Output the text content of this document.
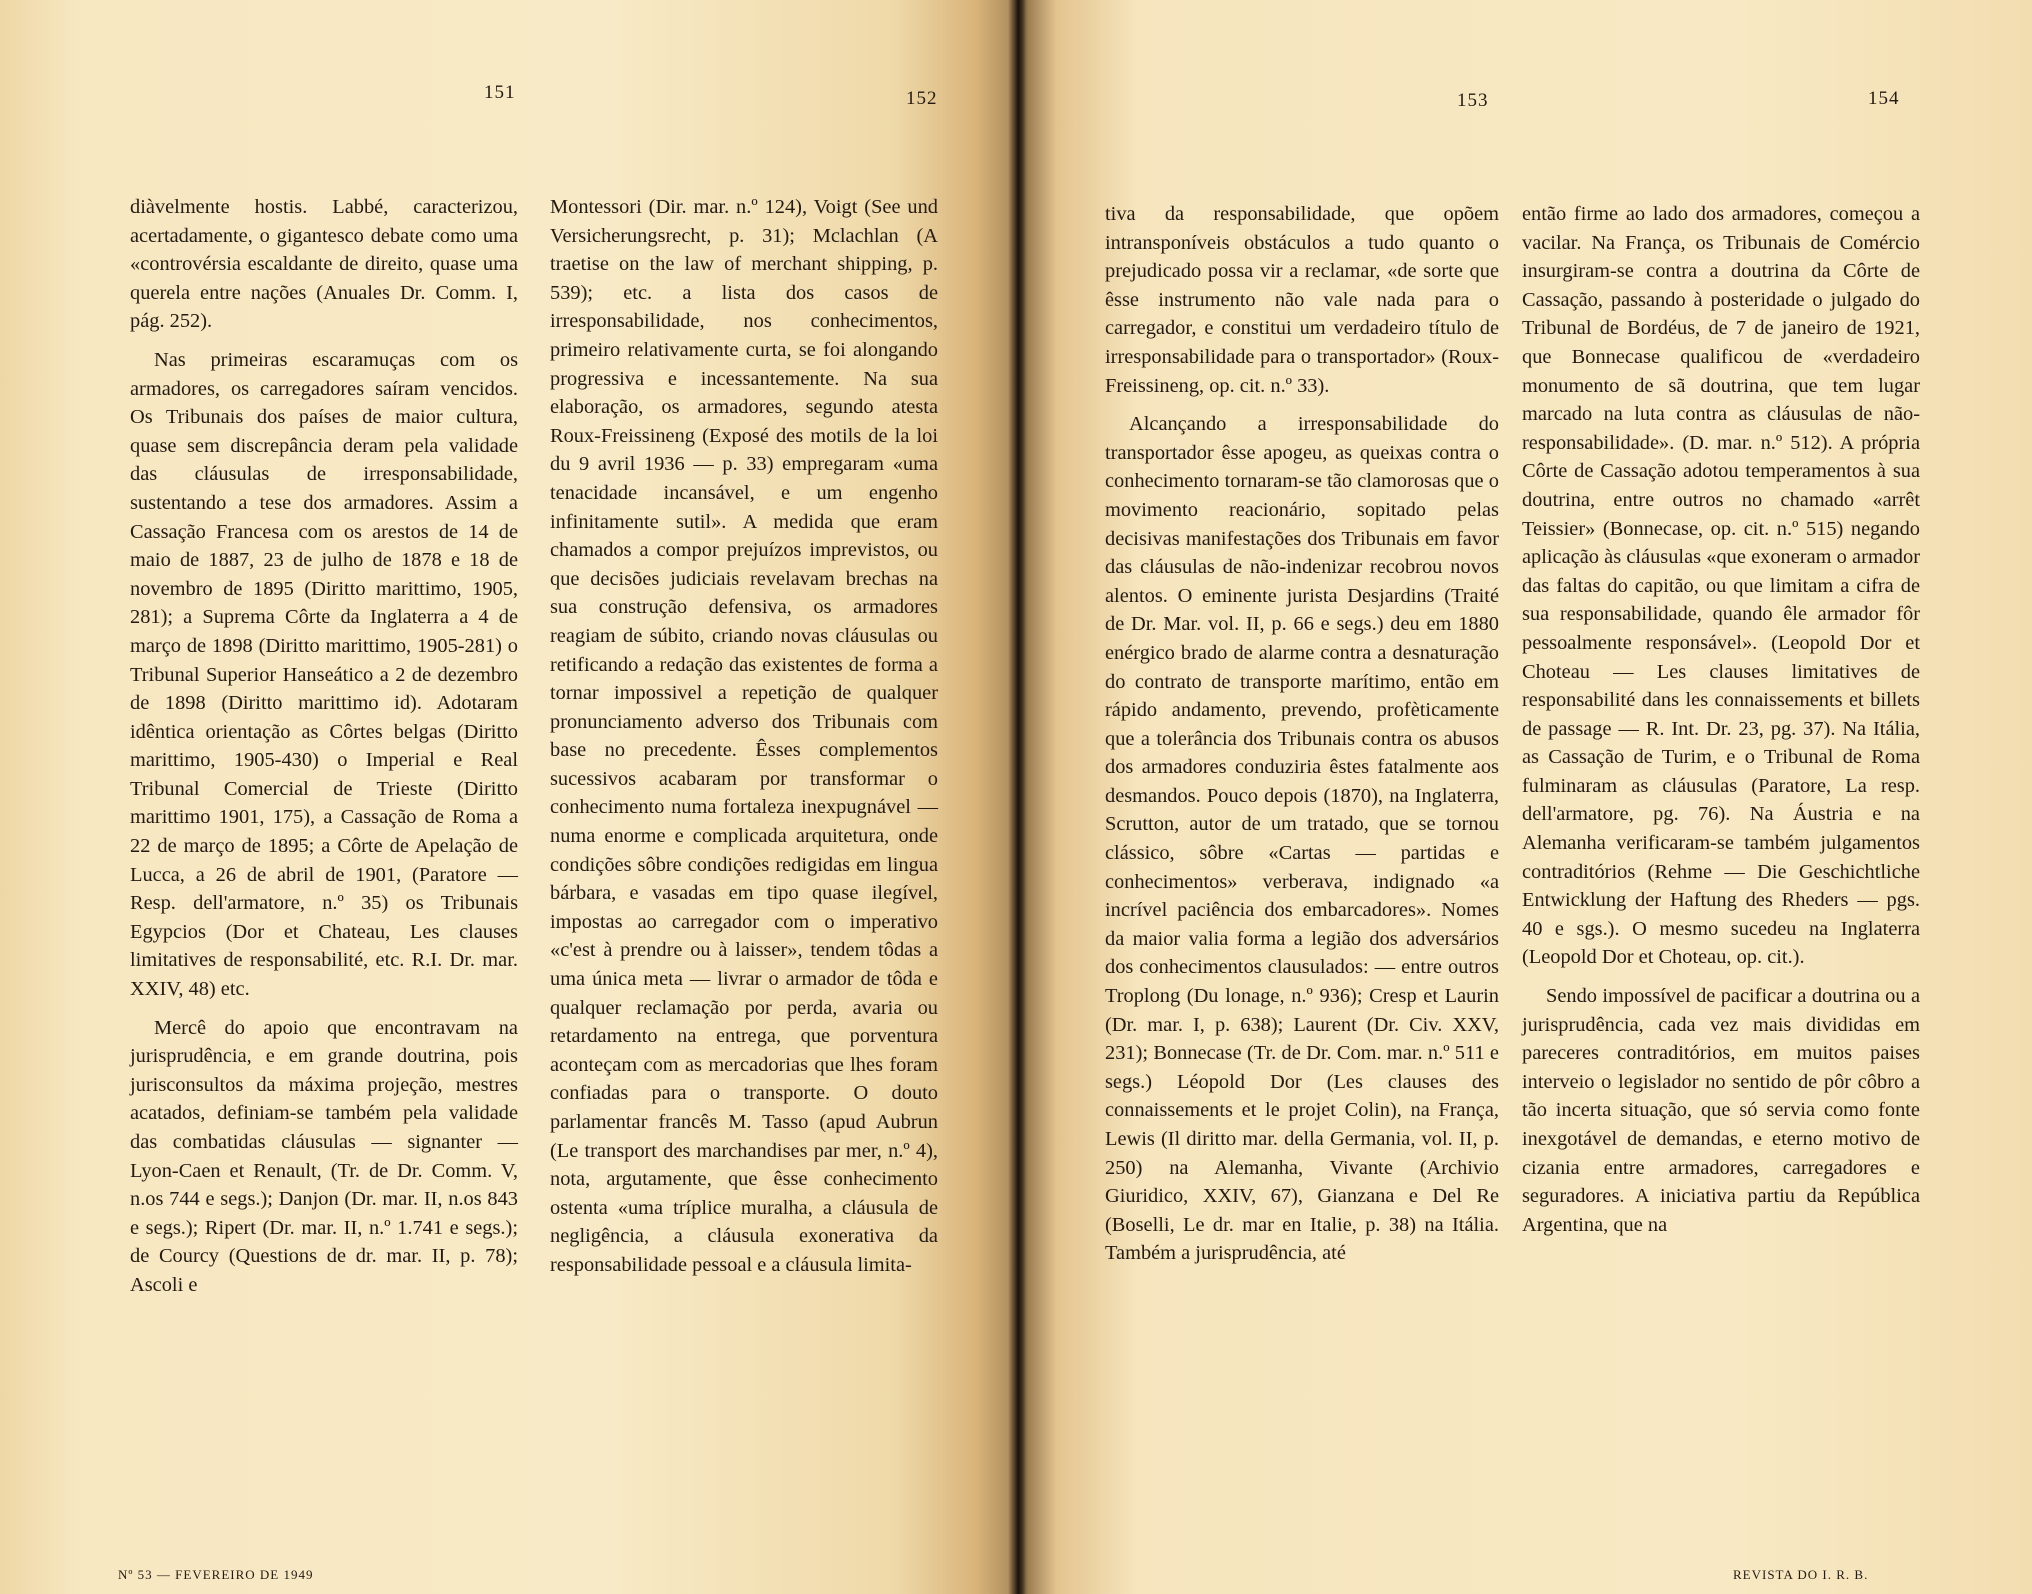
151	152	153	154

diàvelmente hostis. Labbé, caracterizou, acertadamente, o gigantesco debate como uma «controvérsia escaldante de direito, quase uma querela entre nações (Anuales Dr. Comm. I, pág. 252).

Nas primeiras escaramuças com os armadores, os carregadores saíram vencidos. Os Tribunais dos países de maior cultura, quase sem discrepância deram pela validade das cláusulas de irresponsabilidade, sustentando a tese dos armadores. Assim a Cassação Francesa com os arestos de 14 de maio de 1887, 23 de julho de 1878 e 18 de novembro de 1895 (Diritto marittimo, 1905, 281); a Suprema Côrte da Inglaterra a 4 de março de 1898 (Diritto marittimo, 1905-281) o Tribunal Superior Hanseático a 2 de dezembro de 1898 (Diritto marittimo id). Adotaram idêntica orientação as Côrtes belgas (Diritto marittimo, 1905-430) o Imperial e Real Tribunal Comercial de Trieste (Diritto marittimo 1901, 175), a Cassação de Roma a 22 de março de 1895; a Côrte de Apelação de Lucca, a 26 de abril de 1901, (Paratore — Resp. dell'armatore, n.º 35) os Tribunais Egypcios (Dor et Chateau, Les clauses limitatives de responsabilité, etc. R.I. Dr. mar. XXIV, 48) etc.

Mercê do apoio que encontravam na jurisprudência, e em grande doutrina, pois jurisconsultos da máxima projeção, mestres acatados, definiam-se também pela validade das combatidas cláusulas — signanter — Lyon-Caen et Renault, (Tr. de Dr. Comm. V, n.os 744 e segs.); Danjon (Dr. mar. II, n.os 843 e segs.); Ripert (Dr. mar. II, n.º 1.741 e segs.); de Courcy (Questions de dr. mar. II, p. 78); Ascoli e

Montessori (Dir. mar. n.º 124), Voigt (See und Versicherungsrecht, p. 31); Mclachlan (A traetise on the law of merchant shipping, p. 539); etc. a lista dos casos de irresponsabilidade, nos conhecimentos, primeiro relativamente curta, se foi alongando progressiva e incessantemente. Na sua elaboração, os armadores, segundo atesta Roux-Freissineng (Exposé des motils de la loi du 9 avril 1936 — p. 33) empregaram «uma tenacidade incansável, e um engenho infinitamente sutil». A medida que eram chamados a compor prejuízos imprevistos, ou que decisões judiciais revelavam brechas na sua construção defensiva, os armadores reagiam de súbito, criando novas cláusulas ou retificando a redação das existentes de forma a tornar impossivel a repetição de qualquer pronunciamento adverso dos Tribunais com base no precedente. Êsses complementos sucessivos acabaram por transformar o conhecimento numa fortaleza inexpugnável — numa enorme e complicada arquitetura, onde condições sôbre condições redigidas em lingua bárbara, e vasadas em tipo quase ilegível, impostas ao carregador com o imperativo «c'est à prendre ou à laisser», tendem tôdas a uma única meta — livrar o armador de tôda e qualquer reclamação por perda, avaria ou retardamento na entrega, que porventura aconteçam com as mercadorias que lhes foram confiadas para o transporte. O douto parlamentar francês M. Tasso (apud Aubrun (Le transport des marchandises par mer, n.º 4), nota, argutamente, que êsse conhecimento ostenta «uma tríplice muralha, a cláusula de negligência, a cláusula exonerativa da responsabilidade pessoal e a cláusula limita-

tiva da responsabilidade, que opõem intransponíveis obstáculos a tudo quanto o prejudicado possa vir a reclamar, «de sorte que êsse instrumento não vale nada para o carregador, e constitui um verdadeiro título de irresponsabilidade para o transportador» (Roux-Freissineng, op. cit. n.º 33).

Alcançando a irresponsabilidade do transportador êsse apogeu, as queixas contra o conhecimento tornaram-se tão clamorosas que o movimento reacionário, sopitado pelas decisivas manifestações dos Tribunais em favor das cláusulas de não-indenizar recobrou novos alentos. O eminente jurista Desjardins (Traité de Dr. Mar. vol. II, p. 66 e segs.) deu em 1880 enérgico brado de alarme contra a desnaturação do contrato de transporte marítimo, então em rápido andamento, prevendo, profèticamente que a tolerância dos Tribunais contra os abusos dos armadores conduziria êstes fatalmente aos desmandos. Pouco depois (1870), na Inglaterra, Scrutton, autor de um tratado, que se tornou clássico, sôbre «Cartas — partidas e conhecimentos» verberava, indignado «a incrível paciência dos embarcadores». Nomes da maior valia forma a legião dos adversários dos conhecimentos clausulados: — entre outros Troplong (Du lonage, n.º 936); Cresp et Laurin (Dr. mar. I, p. 638); Laurent (Dr. Civ. XXV, 231); Bonnecase (Tr. de Dr. Com. mar. n.º 511 e segs.) Léopold Dor (Les clauses des connaissements et le projet Colin), na França, Lewis (Il diritto mar. della Germania, vol. II, p. 250) na Alemanha, Vivante (Archivio Giuridico, XXIV, 67), Gianzana e Del Re (Boselli, Le dr. mar en Italie, p. 38) na Itália. Também a jurisprudência, até

então firme ao lado dos armadores, começou a vacilar. Na França, os Tribunais de Comércio insurgiram-se contra a doutrina da Côrte de Cassação, passando à posteridade o julgado do Tribunal de Bordéus, de 7 de janeiro de 1921, que Bonnecase qualificou de «verdadeiro monumento de sã doutrina, que tem lugar marcado na luta contra as cláusulas de não-responsabilidade». (D. mar. n.º 512). A própria Côrte de Cassação adotou temperamentos à sua doutrina, entre outros no chamado «arrêt Teissier» (Bonnecase, op. cit. n.º 515) negando aplicação às cláusulas «que exoneram o armador das faltas do capitão, ou que limitam a cifra de sua responsabilidade, quando êle armador fôr pessoalmente responsável». (Leopold Dor et Choteau — Les clauses limitatives de responsabilité dans les connaissements et billets de passage — R. Int. Dr. 23, pg. 37). Na Itália, as Cassação de Turim, e o Tribunal de Roma fulminaram as cláusulas (Paratore, La resp. dell'armatore, pg. 76). Na Áustria e na Alemanha verificaram-se também julgamentos contraditórios (Rehme — Die Geschichtliche Entwicklung der Haftung des Rheders — pgs. 40 e sgs.). O mesmo sucedeu na Inglaterra (Leopold Dor et Choteau, op. cit.).

Sendo impossível de pacificar a doutrina ou a jurisprudência, cada vez mais divididas em pareceres contraditórios, em muitos paises interveio o legislador no sentido de pôr côbro a tão incerta situação, que só servia como fonte inexgotável de demandas, e eterno motivo de cizania entre armadores, carregadores e seguradores. A iniciativa partiu da República Argentina, que na

Nº 53 — FEVEREIRO DE 1949	REVISTA DO I. R. B.
